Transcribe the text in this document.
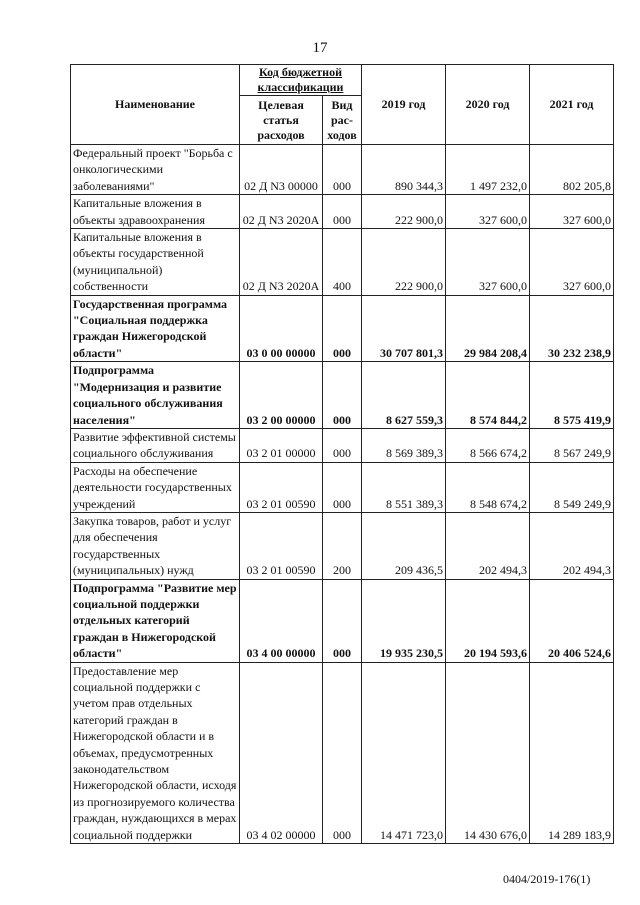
17
Наименование	Код бюджетной классификации		2019 год	2020 год	2021 год
	Целевая статья расходов	Вид рас-ходов			
Федеральный проект "Борьба с онкологическими заболеваниями"	02 Д N3 00000	000	890 344,3	1 497 232,0	802 205,8
Капитальные вложения в объекты здравоохранения	02 Д N3 2020A	000	222 900,0	327 600,0	327 600,0
Капитальные вложения в объекты государственной (муниципальной) собственности	02 Д N3 2020A	400	222 900,0	327 600,0	327 600,0
Государственная программа "Социальная поддержка граждан Нижегородской области"	03 0 00 00000	000	30 707 801,3	29 984 208,4	30 232 238,9
Подпрограмма "Модернизация и развитие социального обслуживания населения"	03 2 00 00000	000	8 627 559,3	8 574 844,2	8 575 419,9
Развитие эффективной системы социального обслуживания	03 2 01 00000	000	8 569 389,3	8 566 674,2	8 567 249,9
Расходы на обеспечение деятельности государственных учреждений	03 2 01 00590	000	8 551 389,3	8 548 674,2	8 549 249,9
Закупка товаров, работ и услуг для обеспечения государственных (муниципальных) нужд	03 2 01 00590	200	209 436,5	202 494,3	202 494,3
Подпрограмма "Развитие мер социальной поддержки отдельных категорий граждан в Нижегородской области"	03 4 00 00000	000	19 935 230,5	20 194 593,6	20 406 524,6
Предоставление мер социальной поддержки с учетом прав отдельных категорий граждан в Нижегородской области и в объемах, предусмотренных законодательством Нижегородской области, исходя из прогнозируемого количества граждан, нуждающихся в мерах социальной поддержки	03 4 02 00000	000	14 471 723,0	14 430 676,0	14 289 183,9
0404/2019-176(1)
